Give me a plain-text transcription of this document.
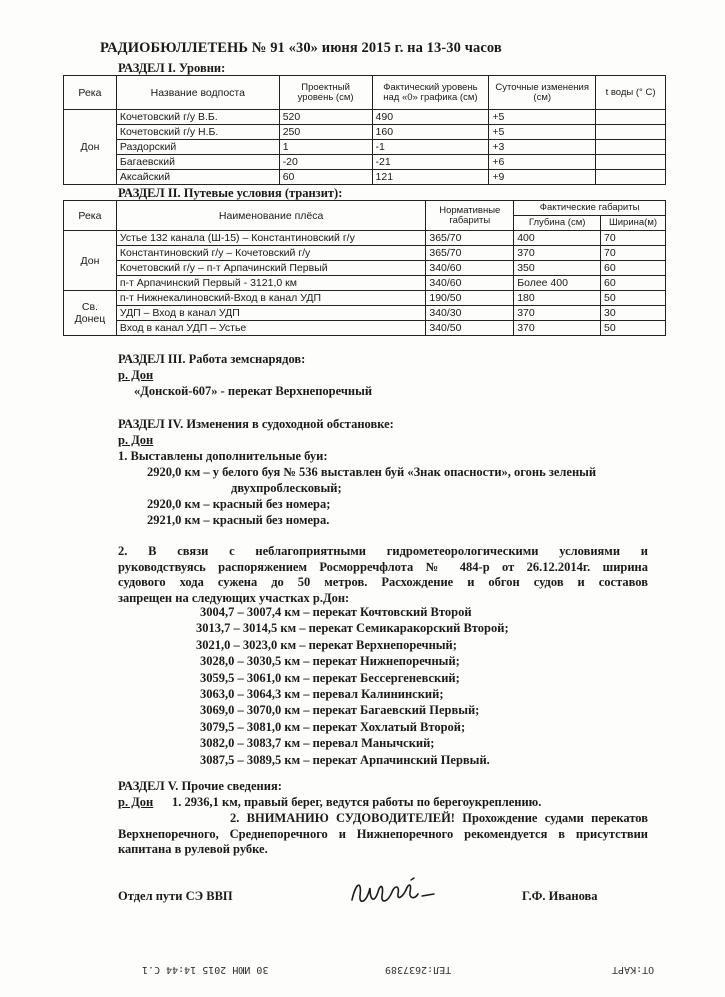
РАДИОБЮЛЛЕТЕНЬ № 91 «30» июня 2015 г. на 13-30 часов
РАЗДЕЛ I. Уровни:
Река	Название водпоста	Проектный уровень (см)	Фактический уровень над «0» графика (см)	Суточные изменения (см)	t воды (° С)
Дон	Кочетовский г/у В.Б.	520	490	+5	
	Кочетовский г/у Н.Б.	250	160	+5	
	Раздорский	1	-1	+3	
	Багаевский	-20	-21	+6	
	Аксайский	60	121	+9	
РАЗДЕЛ II. Путевые условия (транзит):
Река	Наименование плёса	Нормативные габариты	Фактические габариты	
			Глубина (см)	Ширина(м)
Дон	Устье 132 канала (Ш-15) – Константиновский г/у	365/70	400	70
	Константиновский г/у – Кочетовский г/у	365/70	370	70
	Кочетовский г/у – п-т Арпачинский Первый	340/60	350	60
	п-т Арпачинский Первый - 3121,0 км	340/60	Более 400	60
Св. Донец	п-т Нижнекалиновский-Вход в канал УДП	190/50	180	50
	УДП – Вход в канал УДП	340/30	370	30
	Вход в канал УДП – Устье	340/50	370	50
РАЗДЕЛ III. Работа земснарядов:
р. Дон
«Донской-607» - перекат Верхнепоречный
РАЗДЕЛ IV. Изменения в судоходной обстановке:
р. Дон
1. Выставлены дополнительные буи:
2920,0 км – у белого буя № 536 выставлен буй «Знак опасности», огонь зеленый
двухпроблесковый;
2920,0 км – красный без номера;
2921,0 км – красный без номера.
2. В связи с неблагоприятными гидрометеорологическими условиями и
руководствуясь распоряжением Росморречфлота № 484-р от 26.12.2014г. ширина
судового хода сужена до 50 метров. Расхождение и обгон судов и составов
запрещен на следующих участках р.Дон:
3004,7 – 3007,4 км – перекат Кочтовский Второй
3013,7 – 3014,5 км – перекат Семикаракорский Второй;
3021,0 – 3023,0 км – перекат Верхнепоречный;
3028,0 – 3030,5 км – перекат Нижнепоречный;
3059,5 – 3061,0 км – перекат Бессергеневский;
3063,0 – 3064,3 км – перевал Калининский;
3069,0 – 3070,0 км – перекат Багаевский Первый;
3079,5 – 3081,0 км – перекат Хохлатый Второй;
3082,0 – 3083,7 км – перевал Манычский;
3087,5 – 3089,5 км – перекат Арпачинский Первый.
РАЗДЕЛ V. Прочие сведения:
р. Дон 1. 2936,1 км, правый берег, ведутся работы по берегоукреплению.
2. ВНИМАНИЮ СУДОВОДИТЕЛЕЙ! Прохождение судами перекатов
Верхнепоречного, Среднепоречного и Нижнепоречного рекомендуется в присутствии
капитана в рулевой рубке.
Отдел пути СЭ ВВП	Г.Ф. Иванова
30 ИЮН 2015 14:44 С.1	ТЕЛ:2637389	ОТ:КАРТ
